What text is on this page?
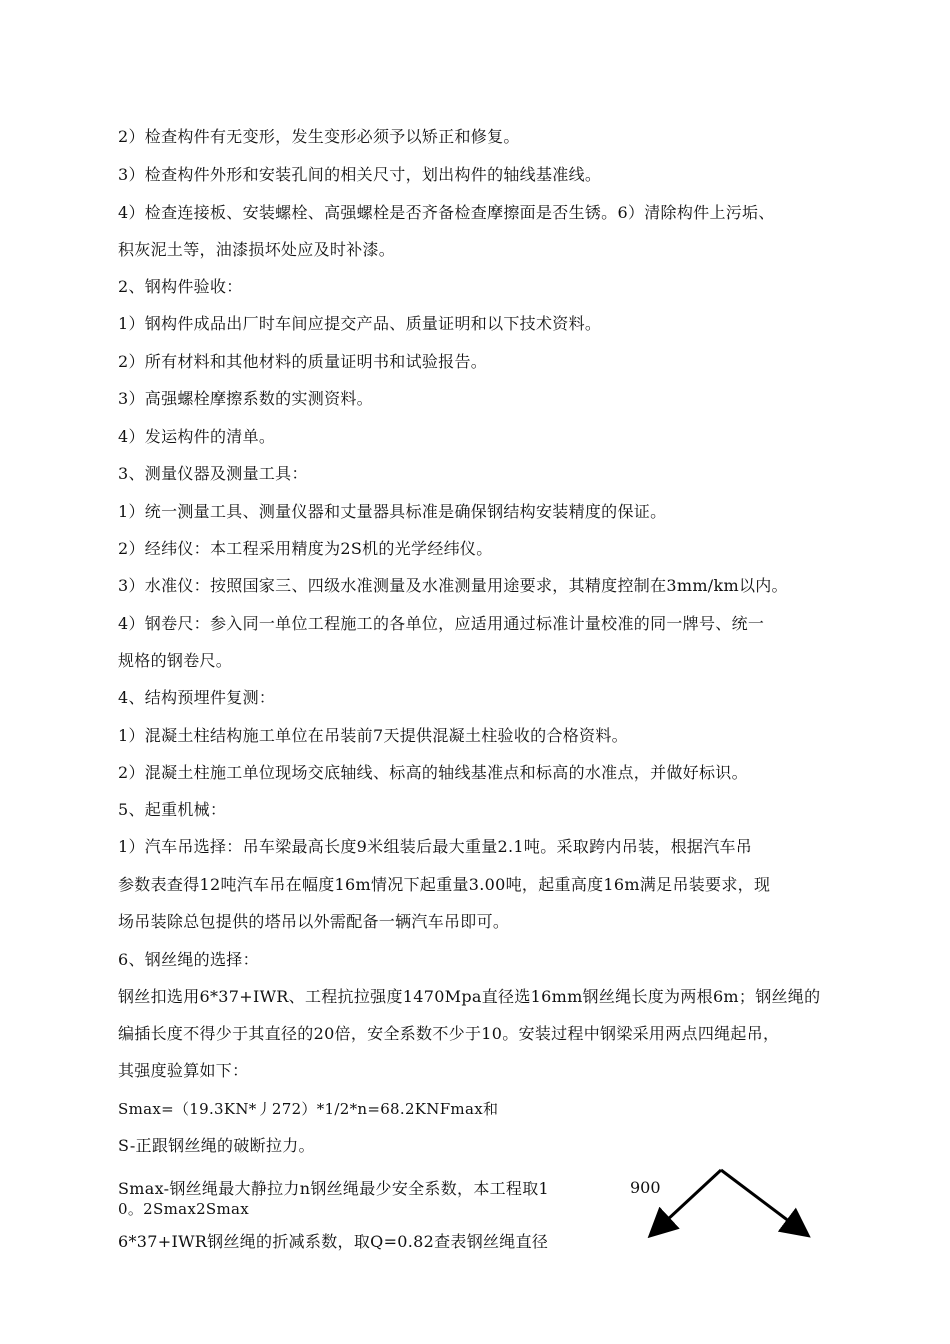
2）检查构件有无变形，发生变形必须予以矫正和修复。
3）检查构件外形和安装孔间的相关尺寸，划出构件的轴线基准线。
4）检查连接板、安装螺栓、高强螺栓是否齐备检查摩擦面是否生锈。6）清除构件上污垢、
积灰泥土等，油漆损坏处应及时补漆。
2、钢构件验收：
1）钢构件成品出厂时车间应提交产品、质量证明和以下技术资料。
2）所有材料和其他材料的质量证明书和试验报告。
3）高强螺栓摩擦系数的实测资料。
4）发运构件的清单。
3、测量仪器及测量工具：
1）统一测量工具、测量仪器和丈量器具标准是确保钢结构安装精度的保证。
2）经纬仪：本工程采用精度为2S机的光学经纬仪。
3）水准仪：按照国家三、四级水准测量及水准测量用途要求，其精度控制在3mm/km以内。
4）钢卷尺：参入同一单位工程施工的各单位，应适用通过标准计量校准的同一牌号、统一
规格的钢卷尺。
4、结构预埋件复测：
1）混凝土柱结构施工单位在吊装前7天提供混凝土柱验收的合格资料。
2）混凝土柱施工单位现场交底轴线、标高的轴线基准点和标高的水准点，并做好标识。
5、起重机械：
1）汽车吊选择：吊车梁最高长度9米组装后最大重量2.1吨。采取跨内吊装，根据汽车吊
参数表查得12吨汽车吊在幅度16m情况下起重量3.00吨，起重高度16m满足吊装要求，现
场吊装除总包提供的塔吊以外需配备一辆汽车吊即可。
6、钢丝绳的选择：
钢丝扣选用6*37+IWR、工程抗拉强度1470Mpa直径选16mm钢丝绳长度为两根6m；钢丝绳的
编插长度不得少于其直径的20倍，安全系数不少于10。安装过程中钢梁采用两点四绳起吊，
其强度验算如下：
Smax=（19.3KN*丿272）*1/2*n=68.2KNFmax和
S-正跟钢丝绳的破断拉力。
Smax-钢丝绳最大静拉力n钢丝绳最少安全系数，本工程取1
0。2Smax2Smax
6*37+IWR钢丝绳的折减系数，取Q=0.82查表钢丝绳直径
900
